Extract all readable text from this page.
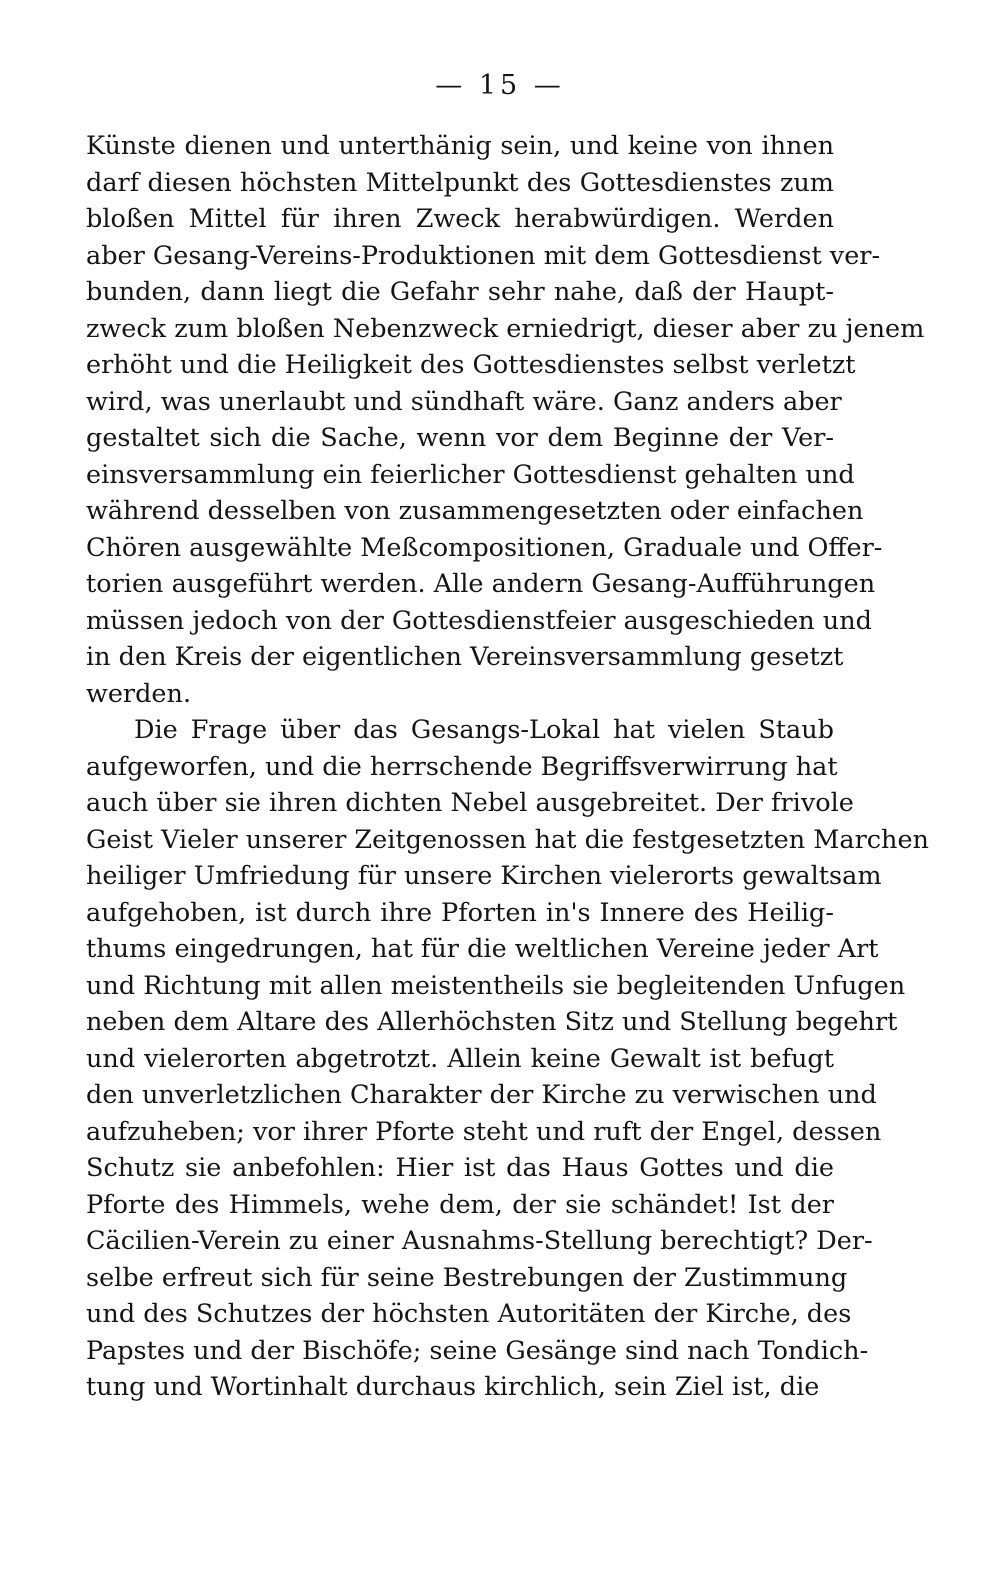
— 15 —
Künste dienen und unterthänig sein, und keine von ihnen
darf diesen höchsten Mittelpunkt des Gottesdienstes zum
bloßen Mittel für ihren Zweck herabwürdigen. Werden
aber Gesang-Vereins-Produktionen mit dem Gottesdienst ver-
bunden, dann liegt die Gefahr sehr nahe, daß der Haupt-
zweck zum bloßen Nebenzweck erniedrigt, dieser aber zu jenem
erhöht und die Heiligkeit des Gottesdienstes selbst verletzt
wird, was unerlaubt und sündhaft wäre. Ganz anders aber
gestaltet sich die Sache, wenn vor dem Beginne der Ver-
einsversammlung ein feierlicher Gottesdienst gehalten und
während desselben von zusammengesetzten oder einfachen
Chören ausgewählte Meßcompositionen, Graduale und Offer-
torien ausgeführt werden. Alle andern Gesang-Aufführungen
müssen jedoch von der Gottesdienstfeier ausgeschieden und
in den Kreis der eigentlichen Vereinsversammlung gesetzt
werden.
Die Frage über das Gesangs-Lokal hat vielen Staub
aufgeworfen, und die herrschende Begriffsverwirrung hat
auch über sie ihren dichten Nebel ausgebreitet. Der frivole
Geist Vieler unserer Zeitgenossen hat die festgesetzten Marchen
heiliger Umfriedung für unsere Kirchen vielerorts gewaltsam
aufgehoben, ist durch ihre Pforten in's Innere des Heilig-
thums eingedrungen, hat für die weltlichen Vereine jeder Art
und Richtung mit allen meistentheils sie begleitenden Unfugen
neben dem Altare des Allerhöchsten Sitz und Stellung begehrt
und vielerorten abgetrotzt. Allein keine Gewalt ist befugt
den unverletzlichen Charakter der Kirche zu verwischen und
aufzuheben; vor ihrer Pforte steht und ruft der Engel, dessen
Schutz sie anbefohlen: Hier ist das Haus Gottes und die
Pforte des Himmels, wehe dem, der sie schändet! Ist der
Cäcilien-Verein zu einer Ausnahms-Stellung berechtigt? Der-
selbe erfreut sich für seine Bestrebungen der Zustimmung
und des Schutzes der höchsten Autoritäten der Kirche, des
Papstes und der Bischöfe; seine Gesänge sind nach Tondich-
tung und Wortinhalt durchaus kirchlich, sein Ziel ist, die
